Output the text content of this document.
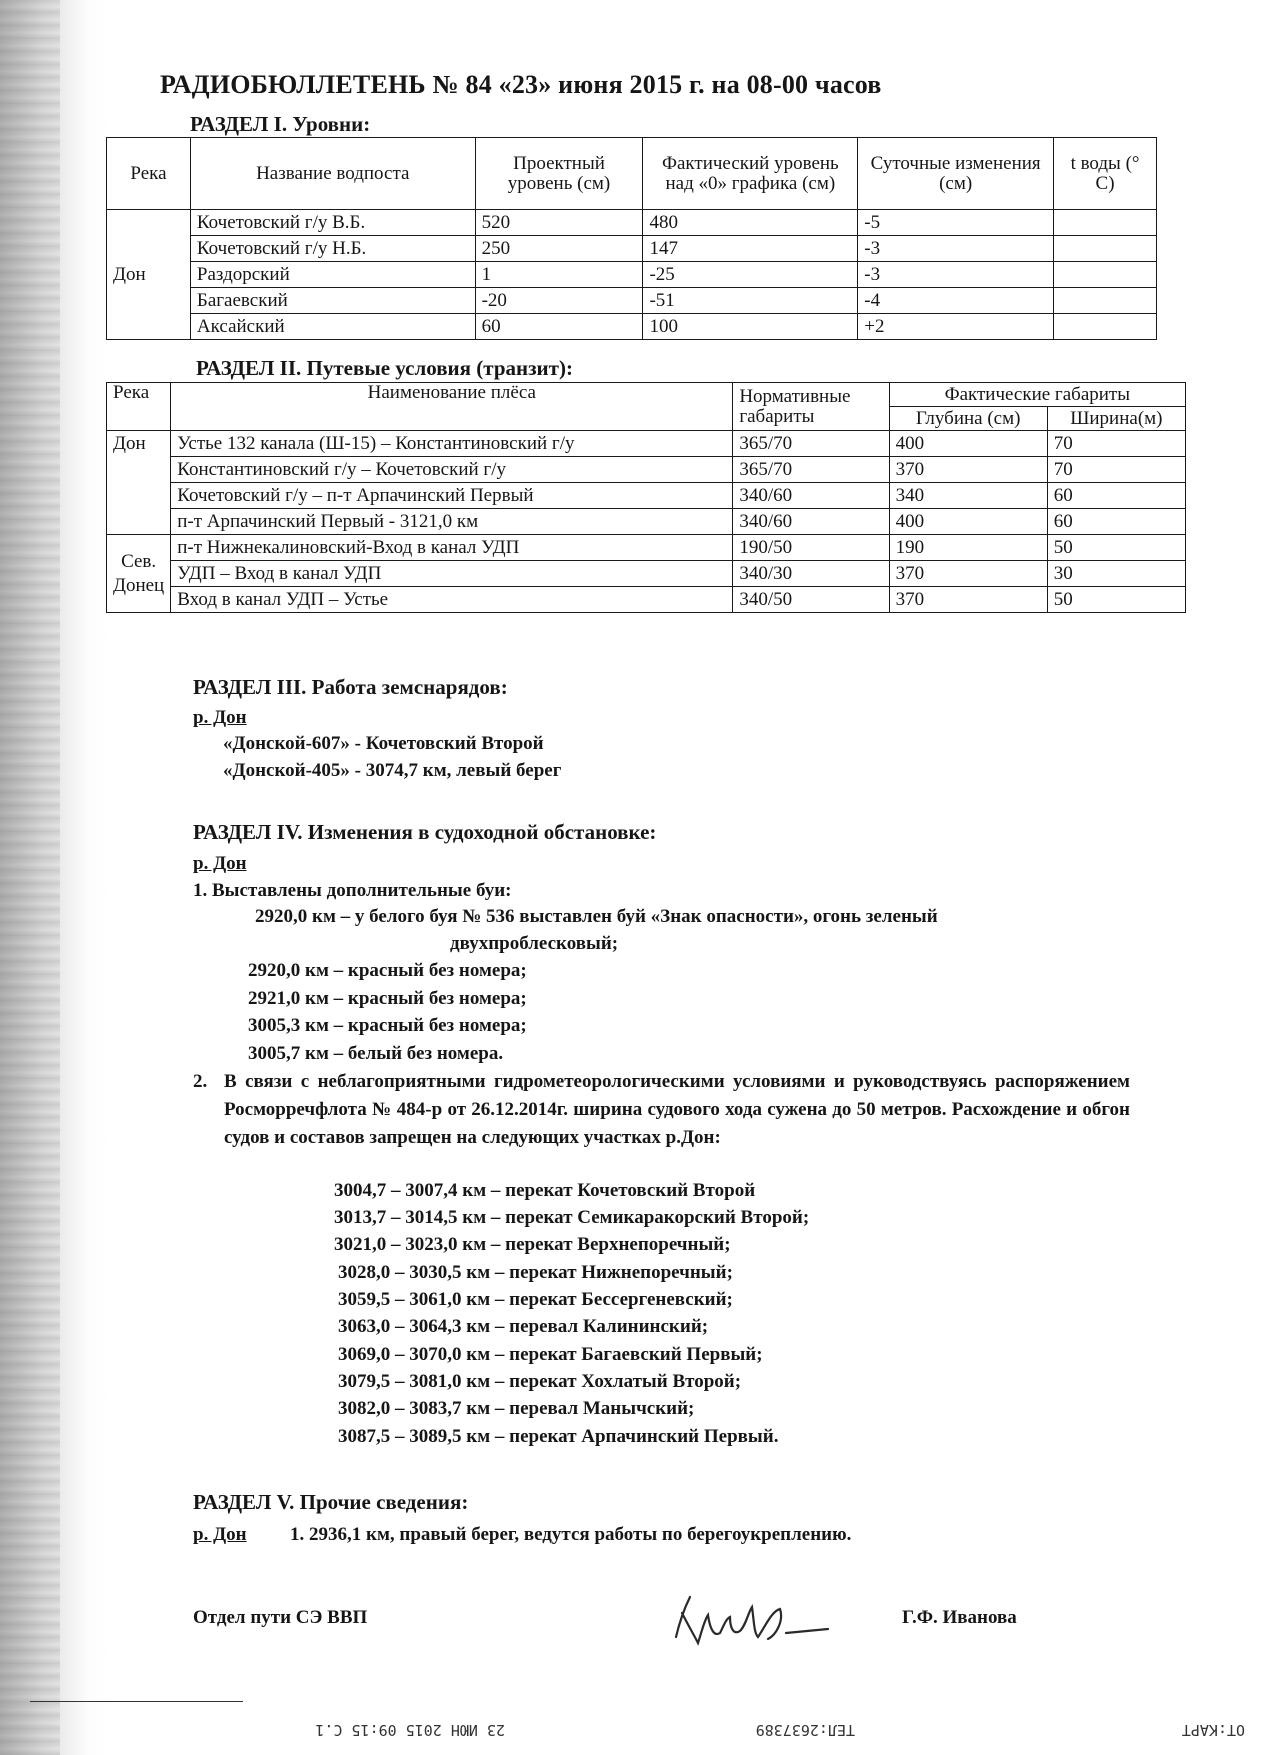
РАДИОБЮЛЛЕТЕНЬ № 84 «23» июня 2015 г. на 08-00 часов
РАЗДЕЛ I. Уровни:
Река	Название водпоста	Проектный уровень (см)	Фактический уровень над «0» графика (см)	Суточные изменения (см)	t воды (° С)
Дон	Кочетовский г/у В.Б.	520	480	-5	
	Кочетовский г/у Н.Б.	250	147	-3	
	Раздорский	1	-25	-3	
	Багаевский	-20	-51	-4	
	Аксайский	60	100	+2	
РАЗДЕЛ II. Путевые условия (транзит):
Река	Наименование плёса	Нормативные габариты	Фактические габариты	
			Глубина (см)	Ширина(м)
Дон	Устье 132 канала (Ш-15) – Константиновский г/у	365/70	400	70
	Константиновский г/у – Кочетовский г/у	365/70	370	70
	Кочетовский г/у – п-т Арпачинский Первый	340/60	340	60
	п-т Арпачинский Первый - 3121,0 км	340/60	400	60
Сев. Донец	п-т Нижнекалиновский-Вход в канал УДП	190/50	190	50
	УДП – Вход в канал УДП	340/30	370	30
	Вход в канал УДП – Устье	340/50	370	50
РАЗДЕЛ III. Работа земснарядов:
р. Дон
«Донской-607» - Кочетовский Второй
«Донской-405» - 3074,7 км, левый берег
РАЗДЕЛ IV. Изменения в судоходной обстановке:
р. Дон
1. Выставлены дополнительные буи:
2920,0 км – у белого буя № 536 выставлен буй «Знак опасности», огонь зеленый
двухпроблесковый;
2920,0 км – красный без номера;
2921,0 км – красный без номера;
3005,3 км – красный без номера;
3005,7 км – белый без номера.
2. В связи с неблагоприятными гидрометеорологическими условиями и руководствуясь распоряжением Росморречфлота № 484-р от 26.12.2014г. ширина судового хода сужена до 50 метров. Расхождение и обгон судов и составов запрещен на следующих участках р.Дон:
3004,7 – 3007,4 км – перекат Кочетовский Второй
3013,7 – 3014,5 км – перекат Семикаракорский Второй;
3021,0 – 3023,0 км – перекат Верхнепоречный;
3028,0 – 3030,5 км – перекат Нижнепоречный;
3059,5 – 3061,0 км – перекат Бессергеневский;
3063,0 – 3064,3 км – перевал Калининский;
3069,0 – 3070,0 км – перекат Багаевский Первый;
3079,5 – 3081,0 км – перекат Хохлатый Второй;
3082,0 – 3083,7 км – перевал Манычский;
3087,5 – 3089,5 км – перекат Арпачинский Первый.
РАЗДЕЛ V. Прочие сведения:
р. Дон 1. 2936,1 км, правый берег, ведутся работы по берегоукреплению.
Отдел пути СЭ ВВП	Г.Ф. Иванова
OT:KAPT
TEЛ:2637389
23 ИЮН 2015 09:15 C.1
